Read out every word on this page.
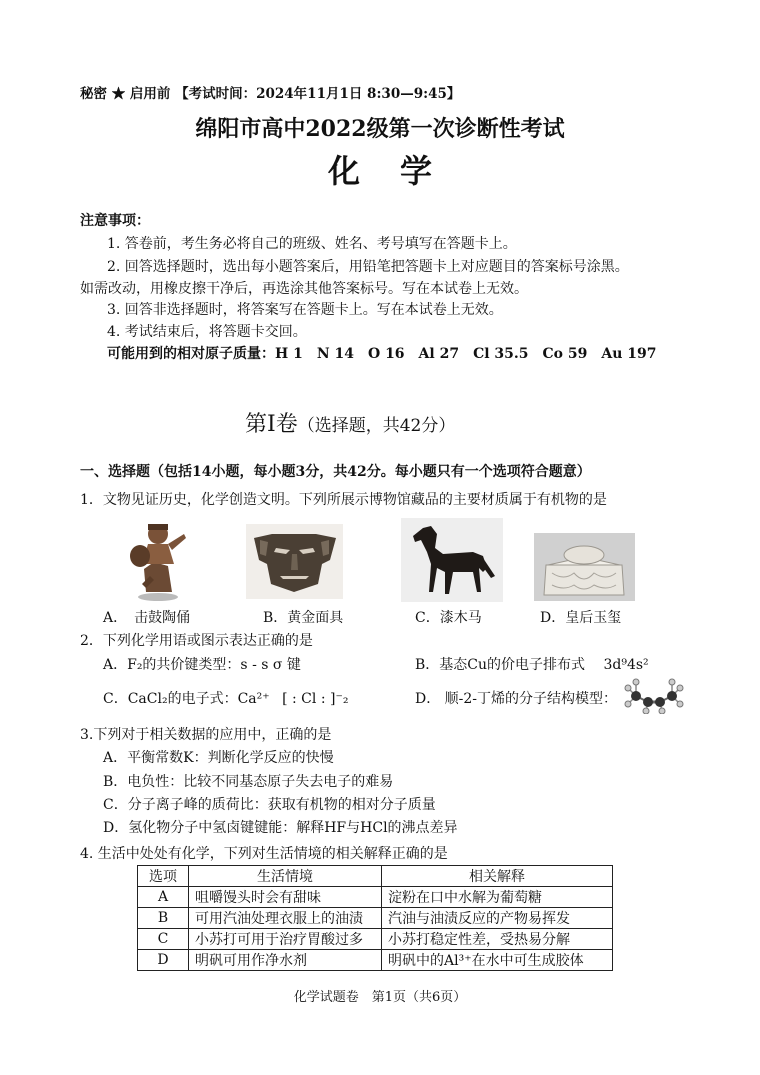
秘密 ★ 启用前 【考试时间：2024年11月1日 8:30—9:45】
绵阳市高中2022级第一次诊断性考试
化学
注意事项：
1. 答卷前，考生务必将自己的班级、姓名、考号填写在答题卡上。
2. 回答选择题时，选出每小题答案后，用铅笔把答题卡上对应题目的答案标号涂黑。
如需改动，用橡皮擦干净后，再选涂其他答案标号。写在本试卷上无效。
3. 回答非选择题时，将答案写在答题卡上。写在本试卷上无效。
4. 考试结束后，将答题卡交回。
可能用到的相对原子质量：H 1　N 14　O 16　Al 27　Cl 35.5　Co 59　Au 197
第Ⅰ卷（选择题，共42分）
一、选择题（包括14小题，每小题3分，共42分。每小题只有一个选项符合题意）
1．文物见证历史，化学创造文明。下列所展示博物馆藏品的主要材质属于有机物的是
A．　击鼓陶俑	B．黄金面具	C．漆木马	D．皇后玉玺
2．下列化学用语或图示表达正确的是
A．F₂的共价键类型：s - s σ 键	B．基态Cu的价电子排布式 3d⁹4s²
C．CaCl₂的电子式：Ca²⁺ [ : Cl : ]⁻₂	D． 顺-2-丁烯的分子结构模型：
3.下列对于相关数据的应用中，正确的是
A．平衡常数K：判断化学反应的快慢
B．电负性：比较不同基态原子失去电子的难易
C．分子离子峰的质荷比：获取有机物的相对分子质量
D．氢化物分子中氢卤键键能：解释HF与HCl的沸点差异
4. 生活中处处有化学，下列对生活情境的相关解释正确的是
选项	生活情境	相关解释
A	咀嚼馒头时会有甜味	淀粉在口中水解为葡萄糖
B	可用汽油处理衣服上的油渍	汽油与油渍反应的产物易挥发
C	小苏打可用于治疗胃酸过多	小苏打稳定性差，受热易分解
D	明矾可用作净水剂	明矾中的Al³⁺在水中可生成胶体
化学试题卷　第1页（共6页）
